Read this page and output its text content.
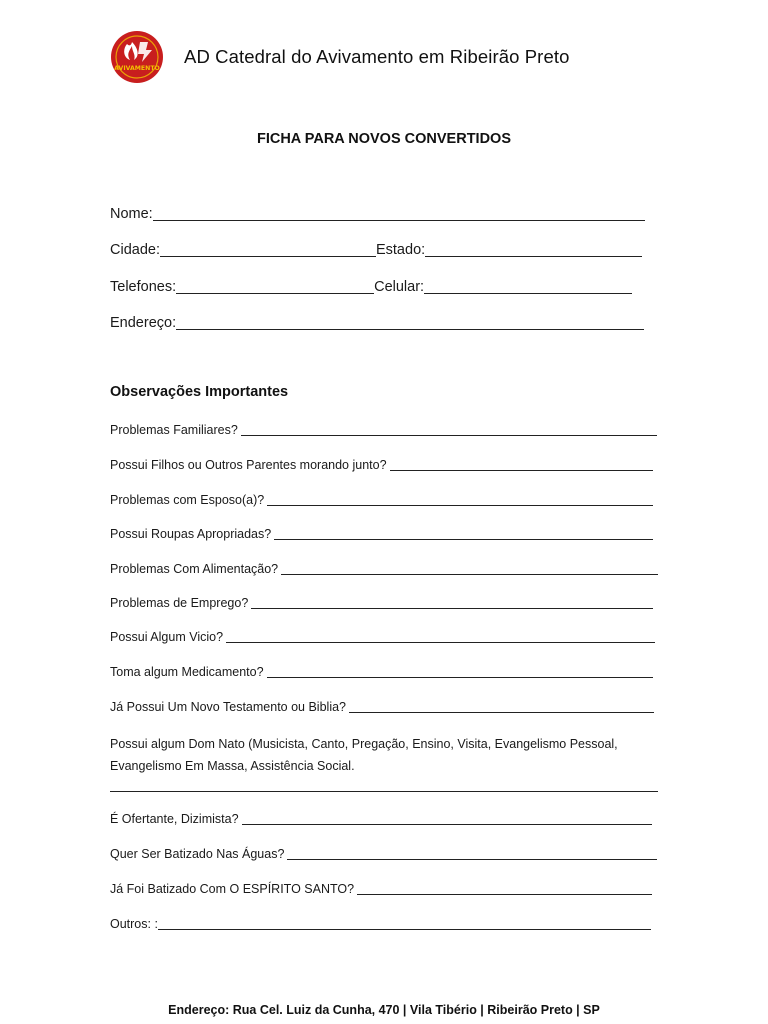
AVIVAMENTO
AD Catedral do Avivamento em Ribeirão Preto
FICHA PARA NOVOS CONVERTIDOS
Nome:
Cidade:	Estado:
Telefones:	Celular:
Endereço:
Observações Importantes
Problemas Familiares?
Possui Filhos ou Outros Parentes morando junto?
Problemas com Esposo(a)?
Possui Roupas Apropriadas?
Problemas Com Alimentação?
Problemas de Emprego?
Possui Algum Vicio?
Toma algum Medicamento?
Já Possui Um Novo Testamento ou Biblia?
Possui algum Dom Nato (Musicista, Canto, Pregação, Ensino, Visita, Evangelismo Pessoal, Evangelismo Em Massa, Assistência Social.
É Ofertante, Dizimista?
Quer Ser Batizado Nas Águas?
Já Foi Batizado Com O ESPÍRITO SANTO?
Outros: :
Endereço: Rua Cel. Luiz da Cunha, 470 | Vila Tibério | Ribeirão Preto | SP
